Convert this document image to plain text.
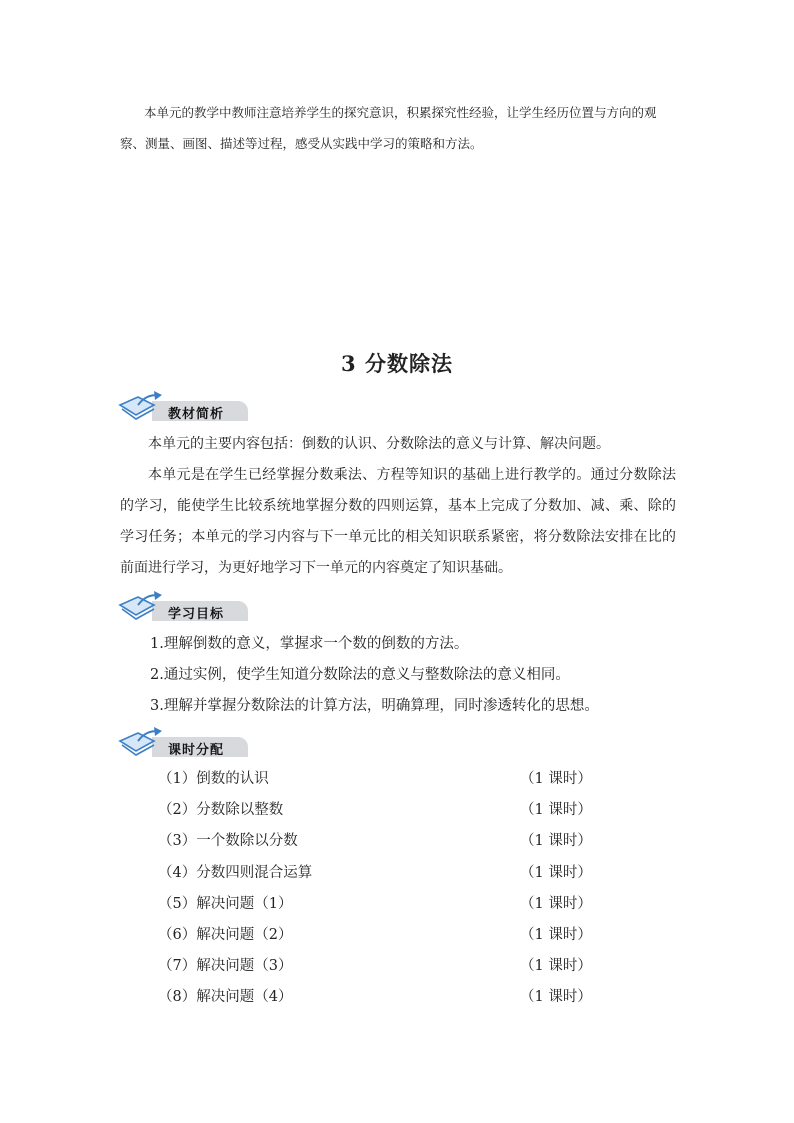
本单元的教学中教师注意培养学生的探究意识，积累探究性经验，让学生经历位置与方向的观察、测量、画图、描述等过程，感受从实践中学习的策略和方法。

3 分数除法
教材简析

本单元的主要内容包括：倒数的认识、分数除法的意义与计算、解决问题。

本单元是在学生已经掌握分数乘法、方程等知识的基础上进行教学的。通过分数除法的学习，能使学生比较系统地掌握分数的四则运算，基本上完成了分数加、减、乘、除的学习任务；本单元的学习内容与下一单元比的相关知识联系紧密，将分数除法安排在比的前面进行学习，为更好地学习下一单元的内容奠定了知识基础。

学习目标

1.理解倒数的意义，掌握求一个数的倒数的方法。

2.通过实例，使学生知道分数除法的意义与整数除法的意义相同。

3.理解并掌握分数除法的计算方法，明确算理，同时渗透转化的思想。

课时分配
（1）倒数的认识	（1 课时）
（2）分数除以整数	（1 课时）
（3）一个数除以分数	（1 课时）
（4）分数四则混合运算	（1 课时）
（5）解决问题（1）	（1 课时）
（6）解决问题（2）	（1 课时）
（7）解决问题（3）	（1 课时）
（8）解决问题（4）	（1 课时）
